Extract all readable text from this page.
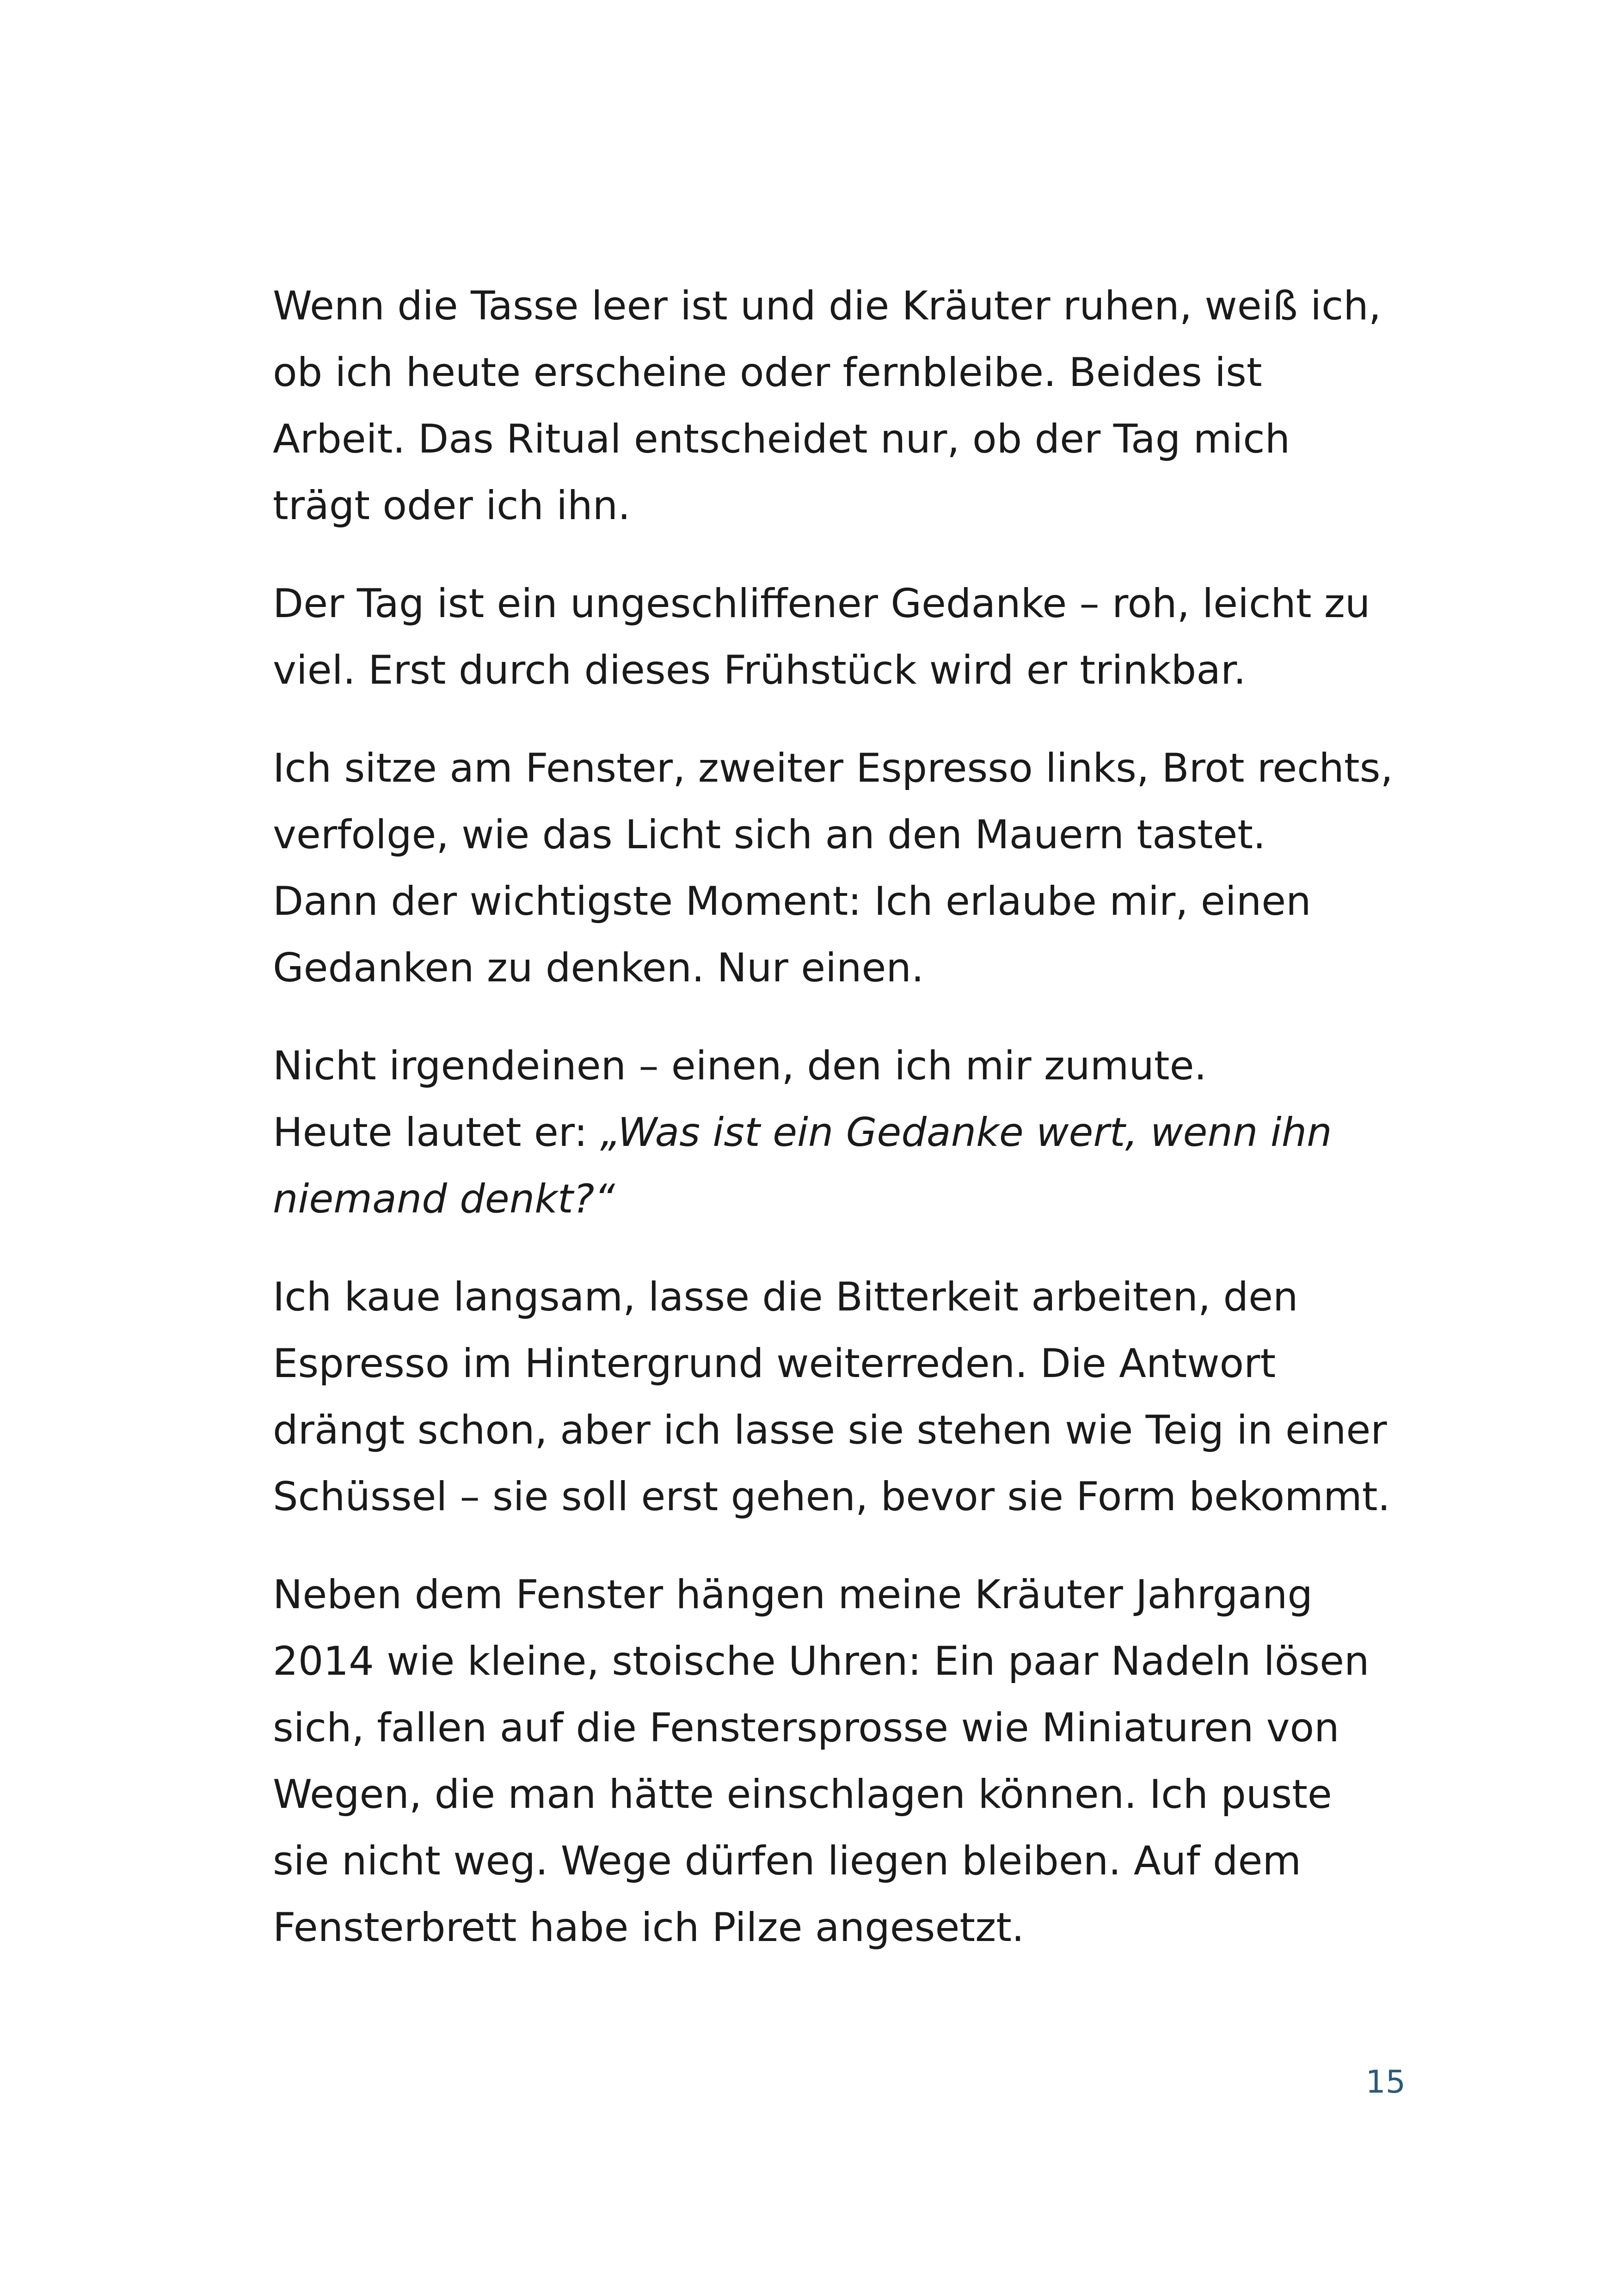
Wenn die Tasse leer ist und die Kräuter ruhen, weiß ich,
ob ich heute erscheine oder fernbleibe. Beides ist
Arbeit. Das Ritual entscheidet nur, ob der Tag mich
trägt oder ich ihn.

Der Tag ist ein ungeschliffener Gedanke – roh, leicht zu
viel. Erst durch dieses Frühstück wird er trinkbar.

Ich sitze am Fenster, zweiter Espresso links, Brot rechts,
verfolge, wie das Licht sich an den Mauern tastet.
Dann der wichtigste Moment: Ich erlaube mir, einen
Gedanken zu denken. Nur einen.

Nicht irgendeinen – einen, den ich mir zumute.
Heute lautet er: „Was ist ein Gedanke wert, wenn ihn
niemand denkt?“

Ich kaue langsam, lasse die Bitterkeit arbeiten, den
Espresso im Hintergrund weiterreden. Die Antwort
drängt schon, aber ich lasse sie stehen wie Teig in einer
Schüssel – sie soll erst gehen, bevor sie Form bekommt.

Neben dem Fenster hängen meine Kräuter Jahrgang
2014 wie kleine, stoische Uhren: Ein paar Nadeln lösen
sich, fallen auf die Fenstersprosse wie Miniaturen von
Wegen, die man hätte einschlagen können. Ich puste
sie nicht weg. Wege dürfen liegen bleiben. Auf dem
Fensterbrett habe ich Pilze angesetzt.

15
